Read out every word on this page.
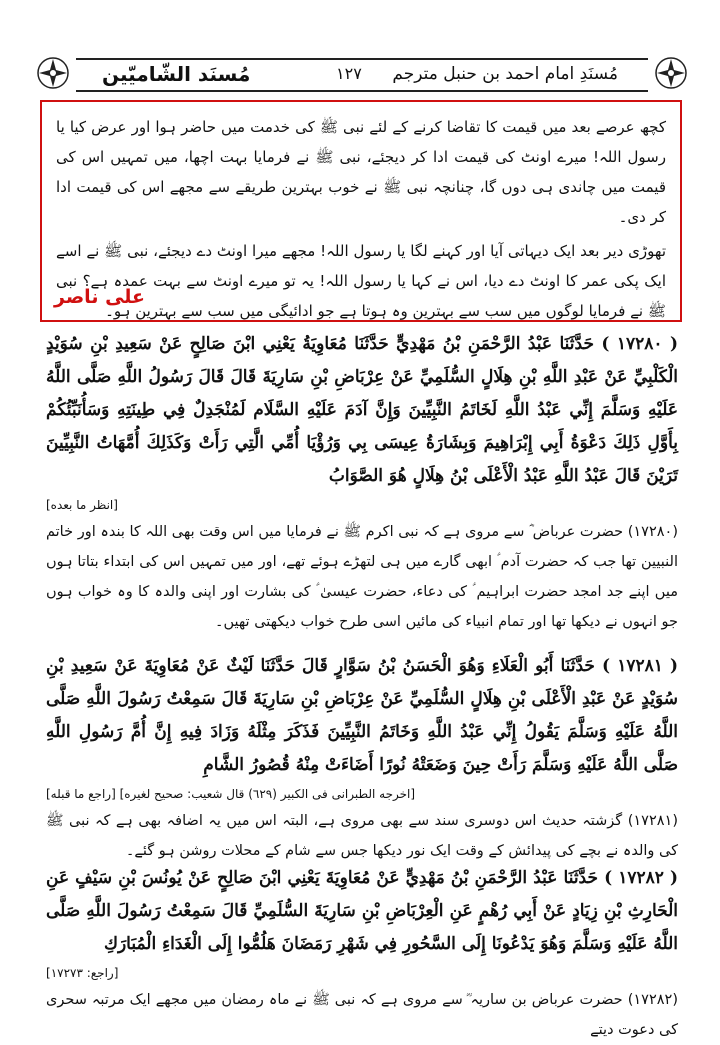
مُسنَد الشّامیّین	۱۲۷ مُسنَدِ امام احمد بن حنبل مترجم

کچھ عرصے بعد میں قیمت کا تقاضا کرنے کے لئے نبی ﷺ کی خدمت میں حاضر ہوا اور عرض کیا یا رسول اللہ! میرے اونٹ کی قیمت ادا کر دیجئے، نبی ﷺ نے فرمایا بہت اچھا، میں تمہیں اس کی قیمت میں چاندی ہی دوں گا، چنانچہ نبی ﷺ نے خوب بہترین طریقے سے مجھے اس کی قیمت ادا کر دی۔

تھوڑی دیر بعد ایک دیہاتی آیا اور کہنے لگا یا رسول اللہ! مجھے میرا اونٹ دے دیجئے، نبی ﷺ نے اسے ایک پکی عمر کا اونٹ دے دیا، اس نے کہا یا رسول اللہ! یہ تو میرے اونٹ سے بہت عمدہ ہے؟ نبی ﷺ نے فرمایا لوگوں میں سب سے بہترین وہ ہوتا ہے جو ادائیگی میں سب سے بہترین ہو۔

علی ناصر

( ١٧٢٨٠ ) حَدَّثَنَا عَبْدُ الرَّحْمَنِ بْنُ مَهْدِيٍّ حَدَّثَنَا مُعَاوِيَةُ يَعْنِي ابْنَ صَالِحٍ عَنْ سَعِيدِ بْنِ سُوَيْدٍ الْكَلْبِيِّ عَنْ عَبْدِ اللَّهِ بْنِ هِلَالٍ السُّلَمِيِّ عَنْ عِرْبَاضِ بْنِ سَارِيَةَ قَالَ قَالَ رَسُولُ اللَّهِ صَلَّى اللَّهُ عَلَيْهِ وَسَلَّمَ إِنِّي عَبْدُ اللَّهِ لَخَاتَمُ النَّبِيِّينَ وَإِنَّ آدَمَ عَلَيْهِ السَّلَام لَمُنْجَدِلٌ فِي طِينَتِهِ وَسَأُنَبِّئُكُمْ بِأَوَّلِ ذَلِكَ دَعْوَةُ أَبِي إِبْرَاهِيمَ وَبِشَارَةُ عِيسَى بِي وَرُؤْيَا أُمِّي الَّتِي رَأَتْ وَكَذَلِكَ أُمَّهَاتُ النَّبِيِّينَ تَرَيْنَ قَالَ عَبْدُ اللَّهِ عَبْدُ الْأَعْلَى بْنُ هِلَالٍ هُوَ الصَّوَابُ

[انظر ما بعده]

(۱۷۲۸۰) حضرت عرباض ؓ سے مروی ہے کہ نبی اکرم ﷺ نے فرمایا میں اس وقت بھی اللہ کا بندہ اور خاتم النبیین تھا جب کہ حضرت آدم ؑ ابھی گارے میں ہی لتھڑے ہوئے تھے، اور میں تمہیں اس کی ابتداء بتاتا ہوں میں اپنے جد امجد حضرت ابراہیم ؑ کی دعاء، حضرت عیسیٰ ؑ کی بشارت اور اپنی والدہ کا وہ خواب ہوں جو انہوں نے دیکھا تھا اور تمام انبیاء کی مائیں اسی طرح خواب دیکھتی تھیں۔

( ١٧٢٨١ ) حَدَّثَنَا أَبُو الْعَلَاءِ وَهُوَ الْحَسَنُ بْنُ سَوَّارٍ قَالَ حَدَّثَنَا لَيْثٌ عَنْ مُعَاوِيَةَ عَنْ سَعِيدِ بْنِ سُوَيْدٍ عَنْ عَبْدِ الْأَعْلَى بْنِ هِلَالٍ السُّلَمِيِّ عَنْ عِرْبَاضِ بْنِ سَارِيَةَ قَالَ سَمِعْتُ رَسُولَ اللَّهِ صَلَّى اللَّهُ عَلَيْهِ وَسَلَّمَ يَقُولُ إِنِّي عَبْدُ اللَّهِ وَخَاتَمُ النَّبِيِّينَ فَذَكَرَ مِثْلَهُ وَزَادَ فِيهِ إِنَّ أُمَّ رَسُولِ اللَّهِ صَلَّى اللَّهُ عَلَيْهِ وَسَلَّمَ رَأَتْ حِينَ وَضَعَتْهُ نُورًا أَضَاءَتْ مِنْهُ قُصُورُ الشَّامِ

[اخرجه الطبرانى فى الكبير (٦٢٩) قال شعيب: صحيح لغيره] [راجع ما قبله]

(۱۷۲۸۱) گزشتہ حدیث اس دوسری سند سے بھی مروی ہے، البتہ اس میں یہ اضافہ بھی ہے کہ نبی ﷺ کی والدہ نے بچے کی پیدائش کے وقت ایک نور دیکھا جس سے شام کے محلات روشن ہو گئے۔

( ١٧٢٨٢ ) حَدَّثَنَا عَبْدُ الرَّحْمَنِ بْنُ مَهْدِيٍّ عَنْ مُعَاوِيَةَ يَعْنِي ابْنَ صَالِحٍ عَنْ يُونُسَ بْنِ سَيْفٍ عَنِ الْحَارِثِ بْنِ زِيَادٍ عَنْ أَبِي رُهْمٍ عَنِ الْعِرْبَاضِ بْنِ سَارِيَةَ السُّلَمِيِّ قَالَ سَمِعْتُ رَسُولَ اللَّهِ صَلَّى اللَّهُ عَلَيْهِ وَسَلَّمَ وَهُوَ يَدْعُونَا إِلَى السَّحُورِ فِي شَهْرِ رَمَضَانَ هَلُمُّوا إِلَى الْغَدَاءِ الْمُبَارَكِ

[راجع: ١٧٢٧٣]

(۱۷۲۸۲) حضرت عرباض بن ساریہ ؓ سے مروی ہے کہ نبی ﷺ نے ماہ رمضان میں مجھے ایک مرتبہ سحری کی دعوت دیتے
